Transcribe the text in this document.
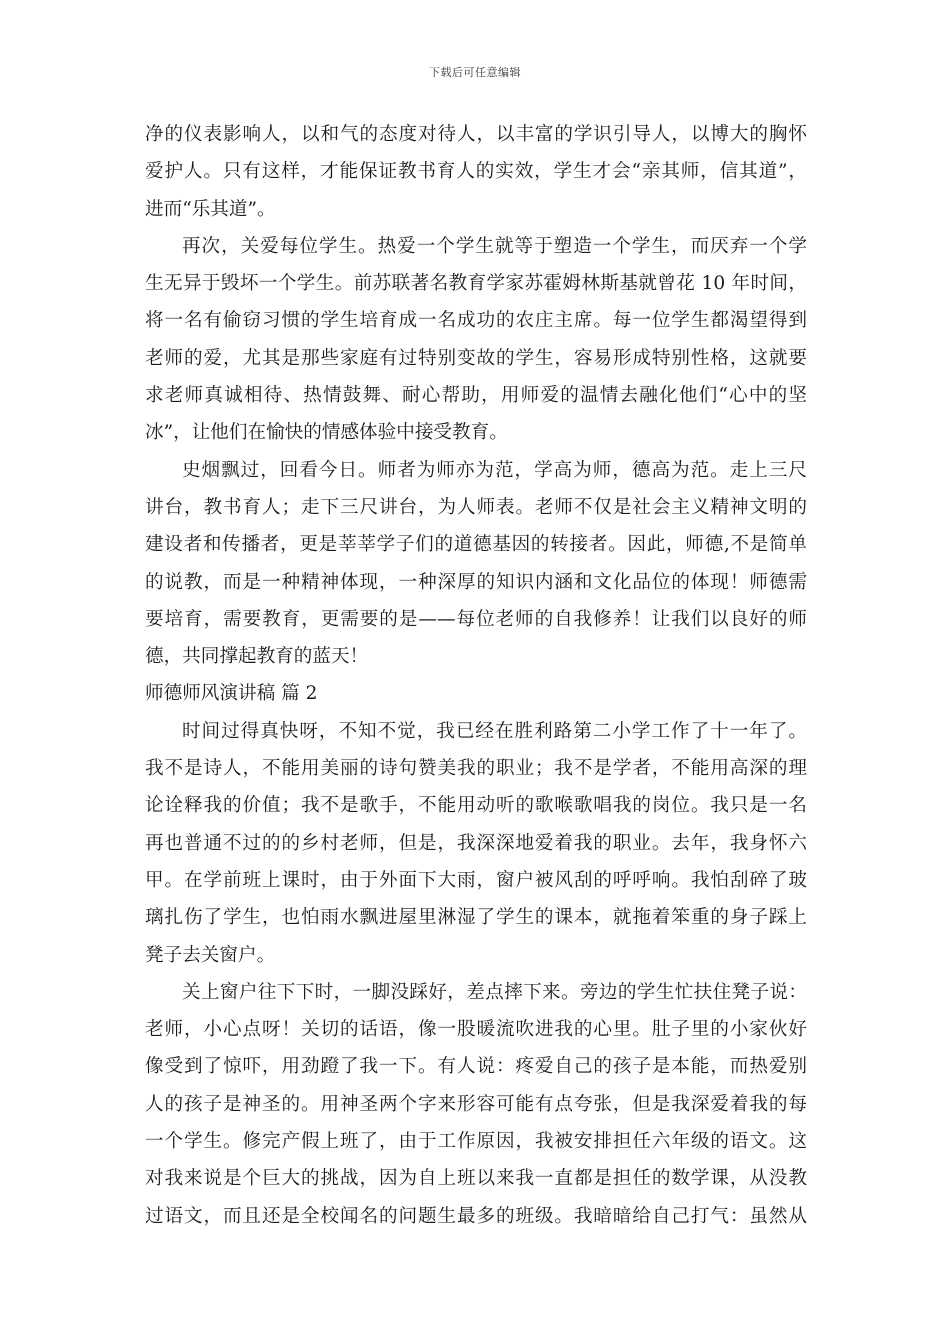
下载后可任意编辑
净的仪表影响人，以和气的态度对待人，以丰富的学识引导人，以博大的胸怀
爱护人。只有这样，才能保证教书育人的实效，学生才会“亲其师，信其道”，
进而“乐其道”。
再次，关爱每位学生。热爱一个学生就等于塑造一个学生，而厌弃一个学
生无异于毁坏一个学生。前苏联著名教育学家苏霍姆林斯基就曾花 10 年时间，
将一名有偷窃习惯的学生培育成一名成功的农庄主席。每一位学生都渴望得到
老师的爱，尤其是那些家庭有过特别变故的学生，容易形成特别性格，这就要
求老师真诚相待、热情鼓舞、耐心帮助，用师爱的温情去融化他们“心中的坚
冰”，让他们在愉快的情感体验中接受教育。
史烟飘过，回看今日。师者为师亦为范，学高为师，德高为范。走上三尺
讲台，教书育人；走下三尺讲台，为人师表。老师不仅是社会主义精神文明的
建设者和传播者，更是莘莘学子们的道德基因的转接者。因此，师德,不是简单
的说教，而是一种精神体现，一种深厚的知识内涵和文化品位的体现！师德需
要培育，需要教育，更需要的是——每位老师的自我修养！让我们以良好的师
德，共同撑起教育的蓝天！
师德师风演讲稿 篇 2
时间过得真快呀，不知不觉，我已经在胜利路第二小学工作了十一年了。
我不是诗人，不能用美丽的诗句赞美我的职业；我不是学者，不能用高深的理
论诠释我的价值；我不是歌手，不能用动听的歌喉歌唱我的岗位。我只是一名
再也普通不过的的乡村老师，但是，我深深地爱着我的职业。去年，我身怀六
甲。在学前班上课时，由于外面下大雨，窗户被风刮的呼呼响。我怕刮碎了玻
璃扎伤了学生，也怕雨水飘进屋里淋湿了学生的课本，就拖着笨重的身子踩上
凳子去关窗户。
关上窗户往下下时，一脚没踩好，差点摔下来。旁边的学生忙扶住凳子说：
老师，小心点呀！关切的话语，像一股暖流吹进我的心里。肚子里的小家伙好
像受到了惊吓，用劲蹬了我一下。有人说：疼爱自己的孩子是本能，而热爱别
人的孩子是神圣的。用神圣两个字来形容可能有点夸张，但是我深爱着我的每
一个学生。修完产假上班了，由于工作原因，我被安排担任六年级的语文。这
对我来说是个巨大的挑战，因为自上班以来我一直都是担任的数学课，从没教
过语文，而且还是全校闻名的问题生最多的班级。我暗暗给自己打气：虽然从
